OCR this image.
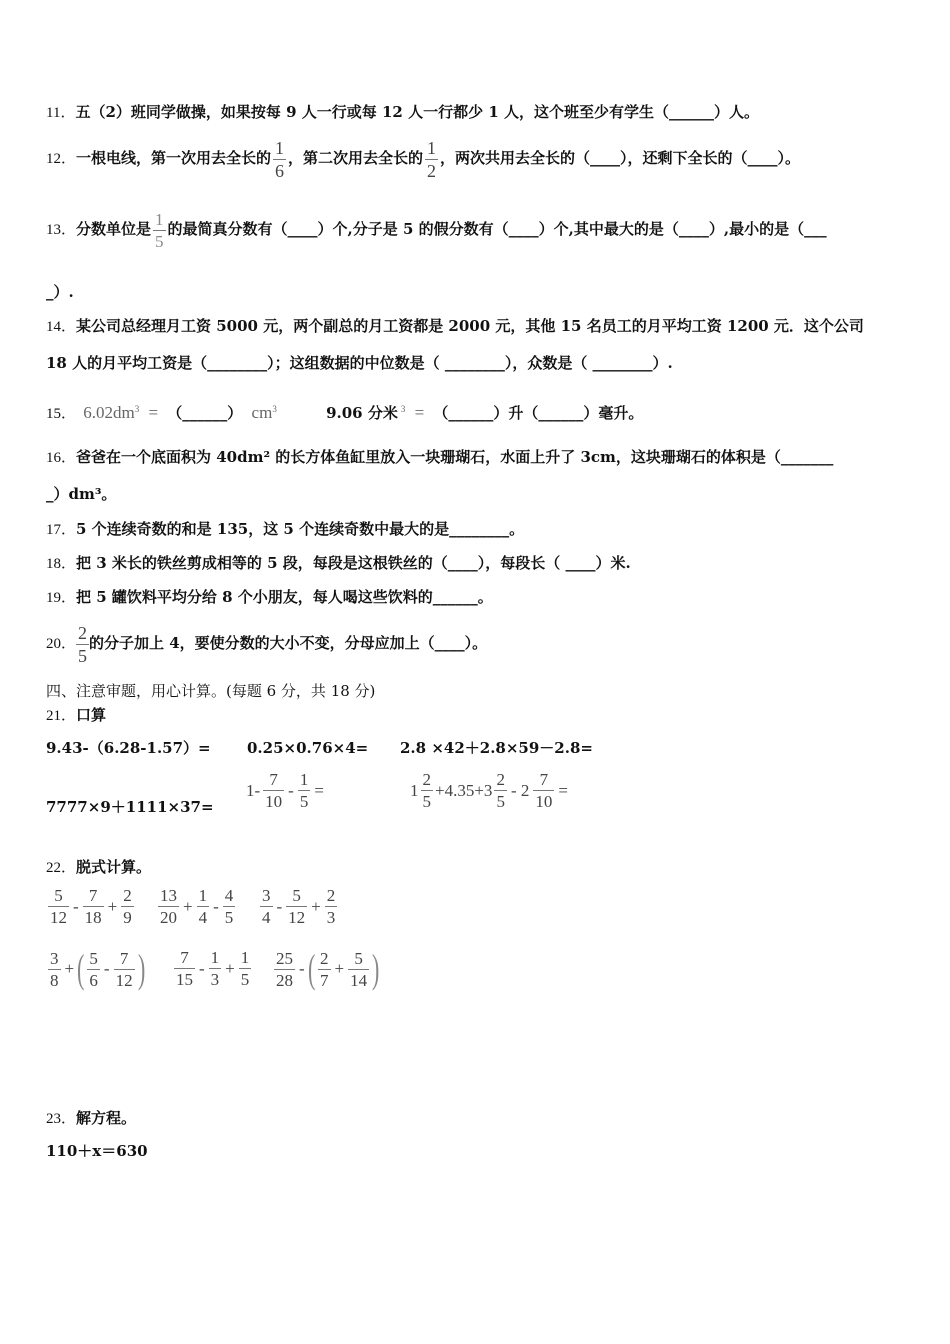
11．五（2）班同学做操，如果按每 9 人一行或每 12 人一行都少 1 人，这个班至少有学生（______）人。
12．一根电线，第一次用去全长的 $\frac{1}{6}$ ，第二次用去全长的 $\frac{1}{2}$ ，两次共用去全长的（____），还剩下全长的（____）。
13．分数单位是 $\frac{1}{5}$ 的最简真分数有（____）个,分子是 5 的假分数有（____）个,其中最大的是（____）,最小的是（___
_）.
14．某公司总经理月工资 5000 元，两个副总的月工资都是 2000 元，其他 15 名员工的月平均工资 1200 元．这个公司
18 人的月平均工资是（________）；这组数据的中位数是（ ________），众数是（ ________）.
15． $6.02dm^3$ = （______） $cm^3$	9.06 分米 $^3$ = （______）升（______）毫升。
16．爸爸在一个底面积为 40dm² 的长方体鱼缸里放入一块珊瑚石，水面上升了 3cm，这块珊瑚石的体积是（_______
_）dm³。
17．5 个连续奇数的和是 135，这 5 个连续奇数中最大的是________。
18．把 3 米长的铁丝剪成相等的 5 段，每段是这根铁丝的（____），每段长（ ____）米.
19．把 5 罐饮料平均分给 8 个小朋友，每人喝这些饮料的______。
20． $\frac{2}{5}$ 的分子加上 4，要使分数的大小不变，分母应加上（____）。
四、注意审题，用心计算。(每题 6 分，共 18 分)
21．口算
9.43-（6.28-1.57）=	0.25×0.76×4=	2.8 ×42＋2.8×59－2.8=
7777×9＋1111×37=
1-
7
10
-
1
5
=	1
2
5
+4.35+3
2
5
- 2
7
10
=
22．脱式计算。
5
12
-
7
18
+
2
9
13
20
+
1
4
-
4
5
3
4
-
5
12
+
2
3
3
8
+ ( 5
6
-
7
12 ) 7
15
-
1
3
+
1
5
25
28
- ( 2
7
+
5
14 )
23．解方程。
110＋x＝630
